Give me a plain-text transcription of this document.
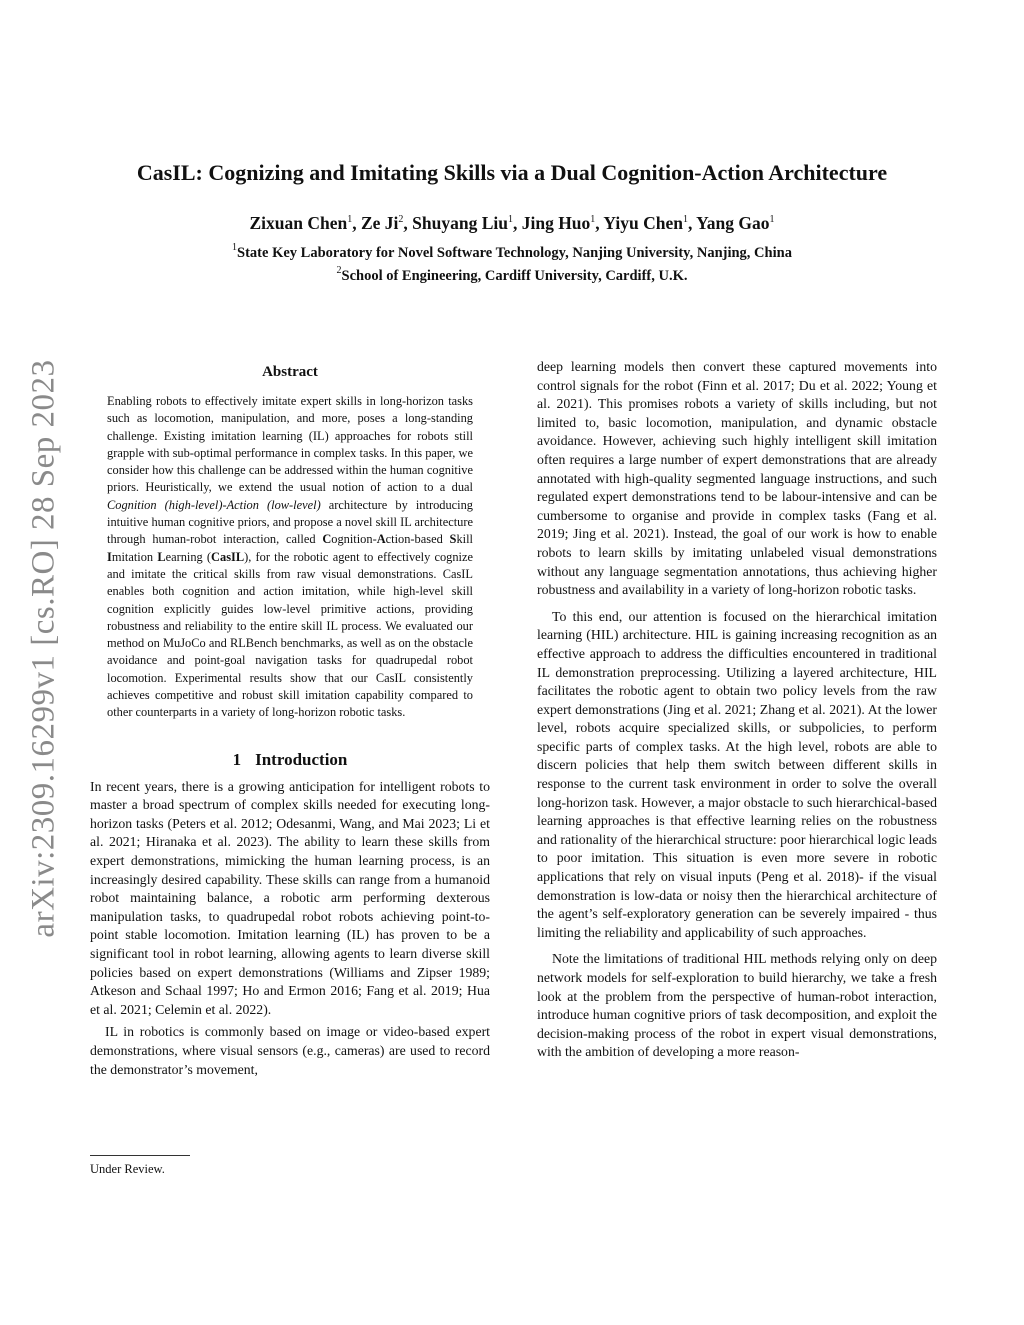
arXiv:2309.16299v1 [cs.RO] 28 Sep 2023
CasIL: Cognizing and Imitating Skills via a Dual Cognition-Action Architecture
Zixuan Chen$^1$, Ze Ji$^2$, Shuyang Liu$^1$, Jing Huo$^1$, Yiyu Chen$^1$, Yang Gao$^1$
$^1$State Key Laboratory for Novel Software Technology, Nanjing University, Nanjing, China
$^2$School of Engineering, Cardiff University, Cardiff, U.K.
Abstract

Enabling robots to effectively imitate expert skills in long-horizon tasks such as locomotion, manipulation, and more, poses a long-standing challenge. Existing imitation learning (IL) approaches for robots still grapple with sub-optimal performance in complex tasks. In this paper, we consider how this challenge can be addressed within the human cognitive priors. Heuristically, we extend the usual notion of action to a dual Cognition (high-level)-Action (low-level) architecture by introducing intuitive human cognitive priors, and propose a novel skill IL architecture through human-robot interaction, called Cognition-Action-based Skill Imitation Learning (CasIL), for the robotic agent to effectively cognize and imitate the critical skills from raw visual demonstrations. CasIL enables both cognition and action imitation, while high-level skill cognition explicitly guides low-level primitive actions, providing robustness and reliability to the entire skill IL process. We evaluated our method on MuJoCo and RLBench benchmarks, as well as on the obstacle avoidance and point-goal navigation tasks for quadrupedal robot locomotion. Experimental results show that our CasIL consistently achieves competitive and robust skill imitation capability compared to other counterparts in a variety of long-horizon robotic tasks.

1 Introduction

In recent years, there is a growing anticipation for intelligent robots to master a broad spectrum of complex skills needed for executing long-horizon tasks (Peters et al. 2012; Odesanmi, Wang, and Mai 2023; Li et al. 2021; Hiranaka et al. 2023). The ability to learn these skills from expert demonstrations, mimicking the human learning process, is an increasingly desired capability. These skills can range from a humanoid robot maintaining balance, a robotic arm performing dexterous manipulation tasks, to quadrupedal robot robots achieving point-to-point stable locomotion. Imitation learning (IL) has proven to be a significant tool in robot learning, allowing agents to learn diverse skill policies based on expert demonstrations (Williams and Zipser 1989; Atkeson and Schaal 1997; Ho and Ermon 2016; Fang et al. 2019; Hua et al. 2021; Celemin et al. 2022).

IL in robotics is commonly based on image or video-based expert demonstrations, where visual sensors (e.g., cameras) are used to record the demonstrator’s movement,

deep learning models then convert these captured movements into control signals for the robot (Finn et al. 2017; Du et al. 2022; Young et al. 2021). This promises robots a variety of skills including, but not limited to, basic locomotion, manipulation, and dynamic obstacle avoidance. However, achieving such highly intelligent skill imitation often requires a large number of expert demonstrations that are already annotated with high-quality segmented language instructions, and such regulated expert demonstrations tend to be labour-intensive and can be cumbersome to organise and provide in complex tasks (Fang et al. 2019; Jing et al. 2021). Instead, the goal of our work is how to enable robots to learn skills by imitating unlabeled visual demonstrations without any language segmentation annotations, thus achieving higher robustness and availability in a variety of long-horizon robotic tasks.

To this end, our attention is focused on the hierarchical imitation learning (HIL) architecture. HIL is gaining increasing recognition as an effective approach to address the difficulties encountered in traditional IL demonstration preprocessing. Utilizing a layered architecture, HIL facilitates the robotic agent to obtain two policy levels from the raw expert demonstrations (Jing et al. 2021; Zhang et al. 2021). At the lower level, robots acquire specialized skills, or subpolicies, to perform specific parts of complex tasks. At the high level, robots are able to discern policies that help them switch between different skills in response to the current task environment in order to solve the overall long-horizon task. However, a major obstacle to such hierarchical-based learning approaches is that effective learning relies on the robustness and rationality of the hierarchical structure: poor hierarchical logic leads to poor imitation. This situation is even more severe in robotic applications that rely on visual inputs (Peng et al. 2018)- if the visual demonstration is low-data or noisy then the hierarchical architecture of the agent’s self-exploratory generation can be severely impaired - thus limiting the reliability and applicability of such approaches.

Note the limitations of traditional HIL methods relying only on deep network models for self-exploration to build hierarchy, we take a fresh look at the problem from the perspective of human-robot interaction, introduce human cognitive priors of task decomposition, and exploit the decision-making process of the robot in expert visual demonstrations, with the ambition of developing a more reason-

Under Review.
